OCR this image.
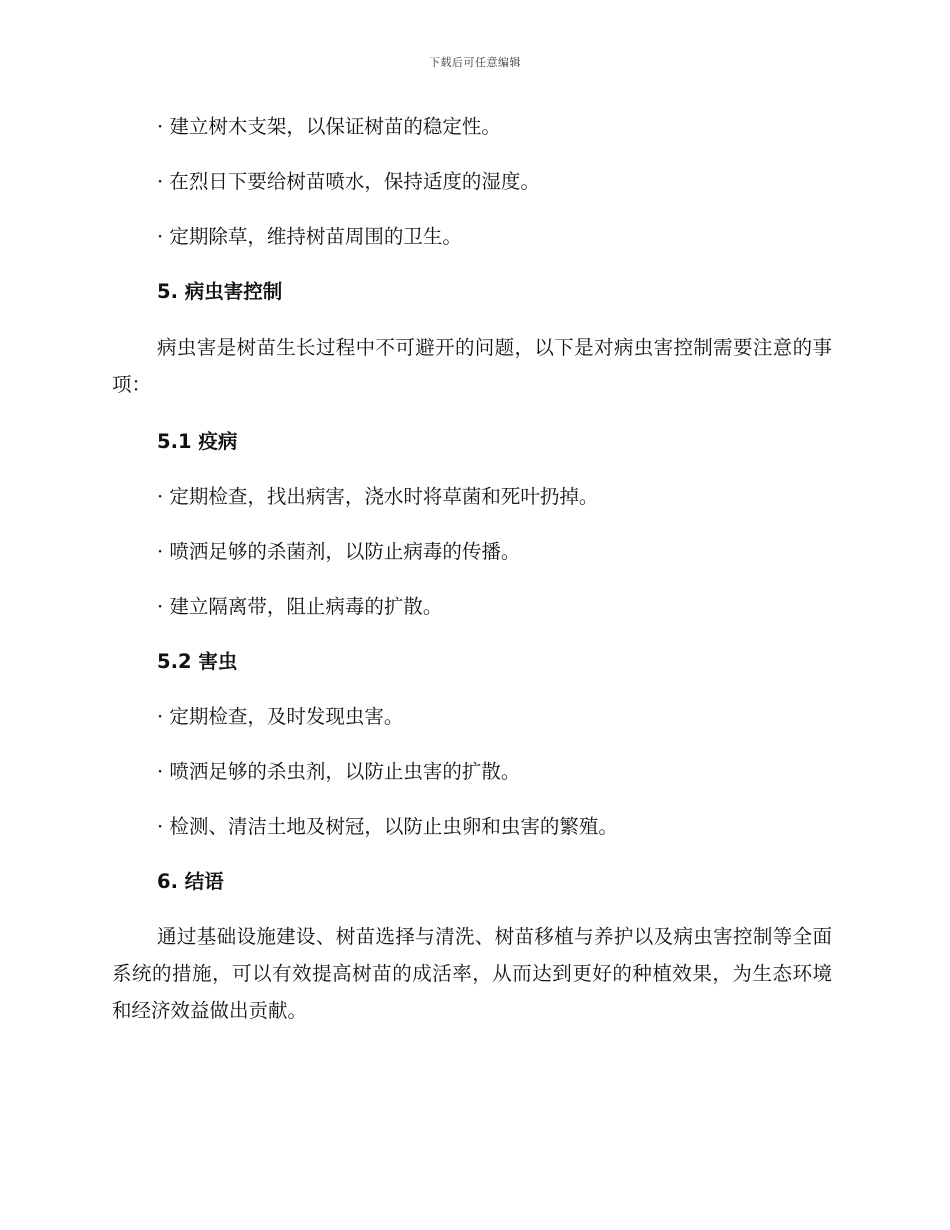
下载后可任意编辑
· 建立树木支架，以保证树苗的稳定性。
· 在烈日下要给树苗喷水，保持适度的湿度。
· 定期除草，维持树苗周围的卫生。
5. 病虫害控制
病虫害是树苗生长过程中不可避开的问题，以下是对病虫害控制需要注意的事项：
5.1 疫病
· 定期检查，找出病害，浇水时将草菌和死叶扔掉。
· 喷洒足够的杀菌剂，以防止病毒的传播。
· 建立隔离带，阻止病毒的扩散。
5.2 害虫
· 定期检查，及时发现虫害。
· 喷洒足够的杀虫剂，以防止虫害的扩散。
· 检测、清洁土地及树冠，以防止虫卵和虫害的繁殖。
6. 结语
通过基础设施建设、树苗选择与清洗、树苗移植与养护以及病虫害控制等全面系统的措施，可以有效提高树苗的成活率，从而达到更好的种植效果，为生态环境和经济效益做出贡献。
